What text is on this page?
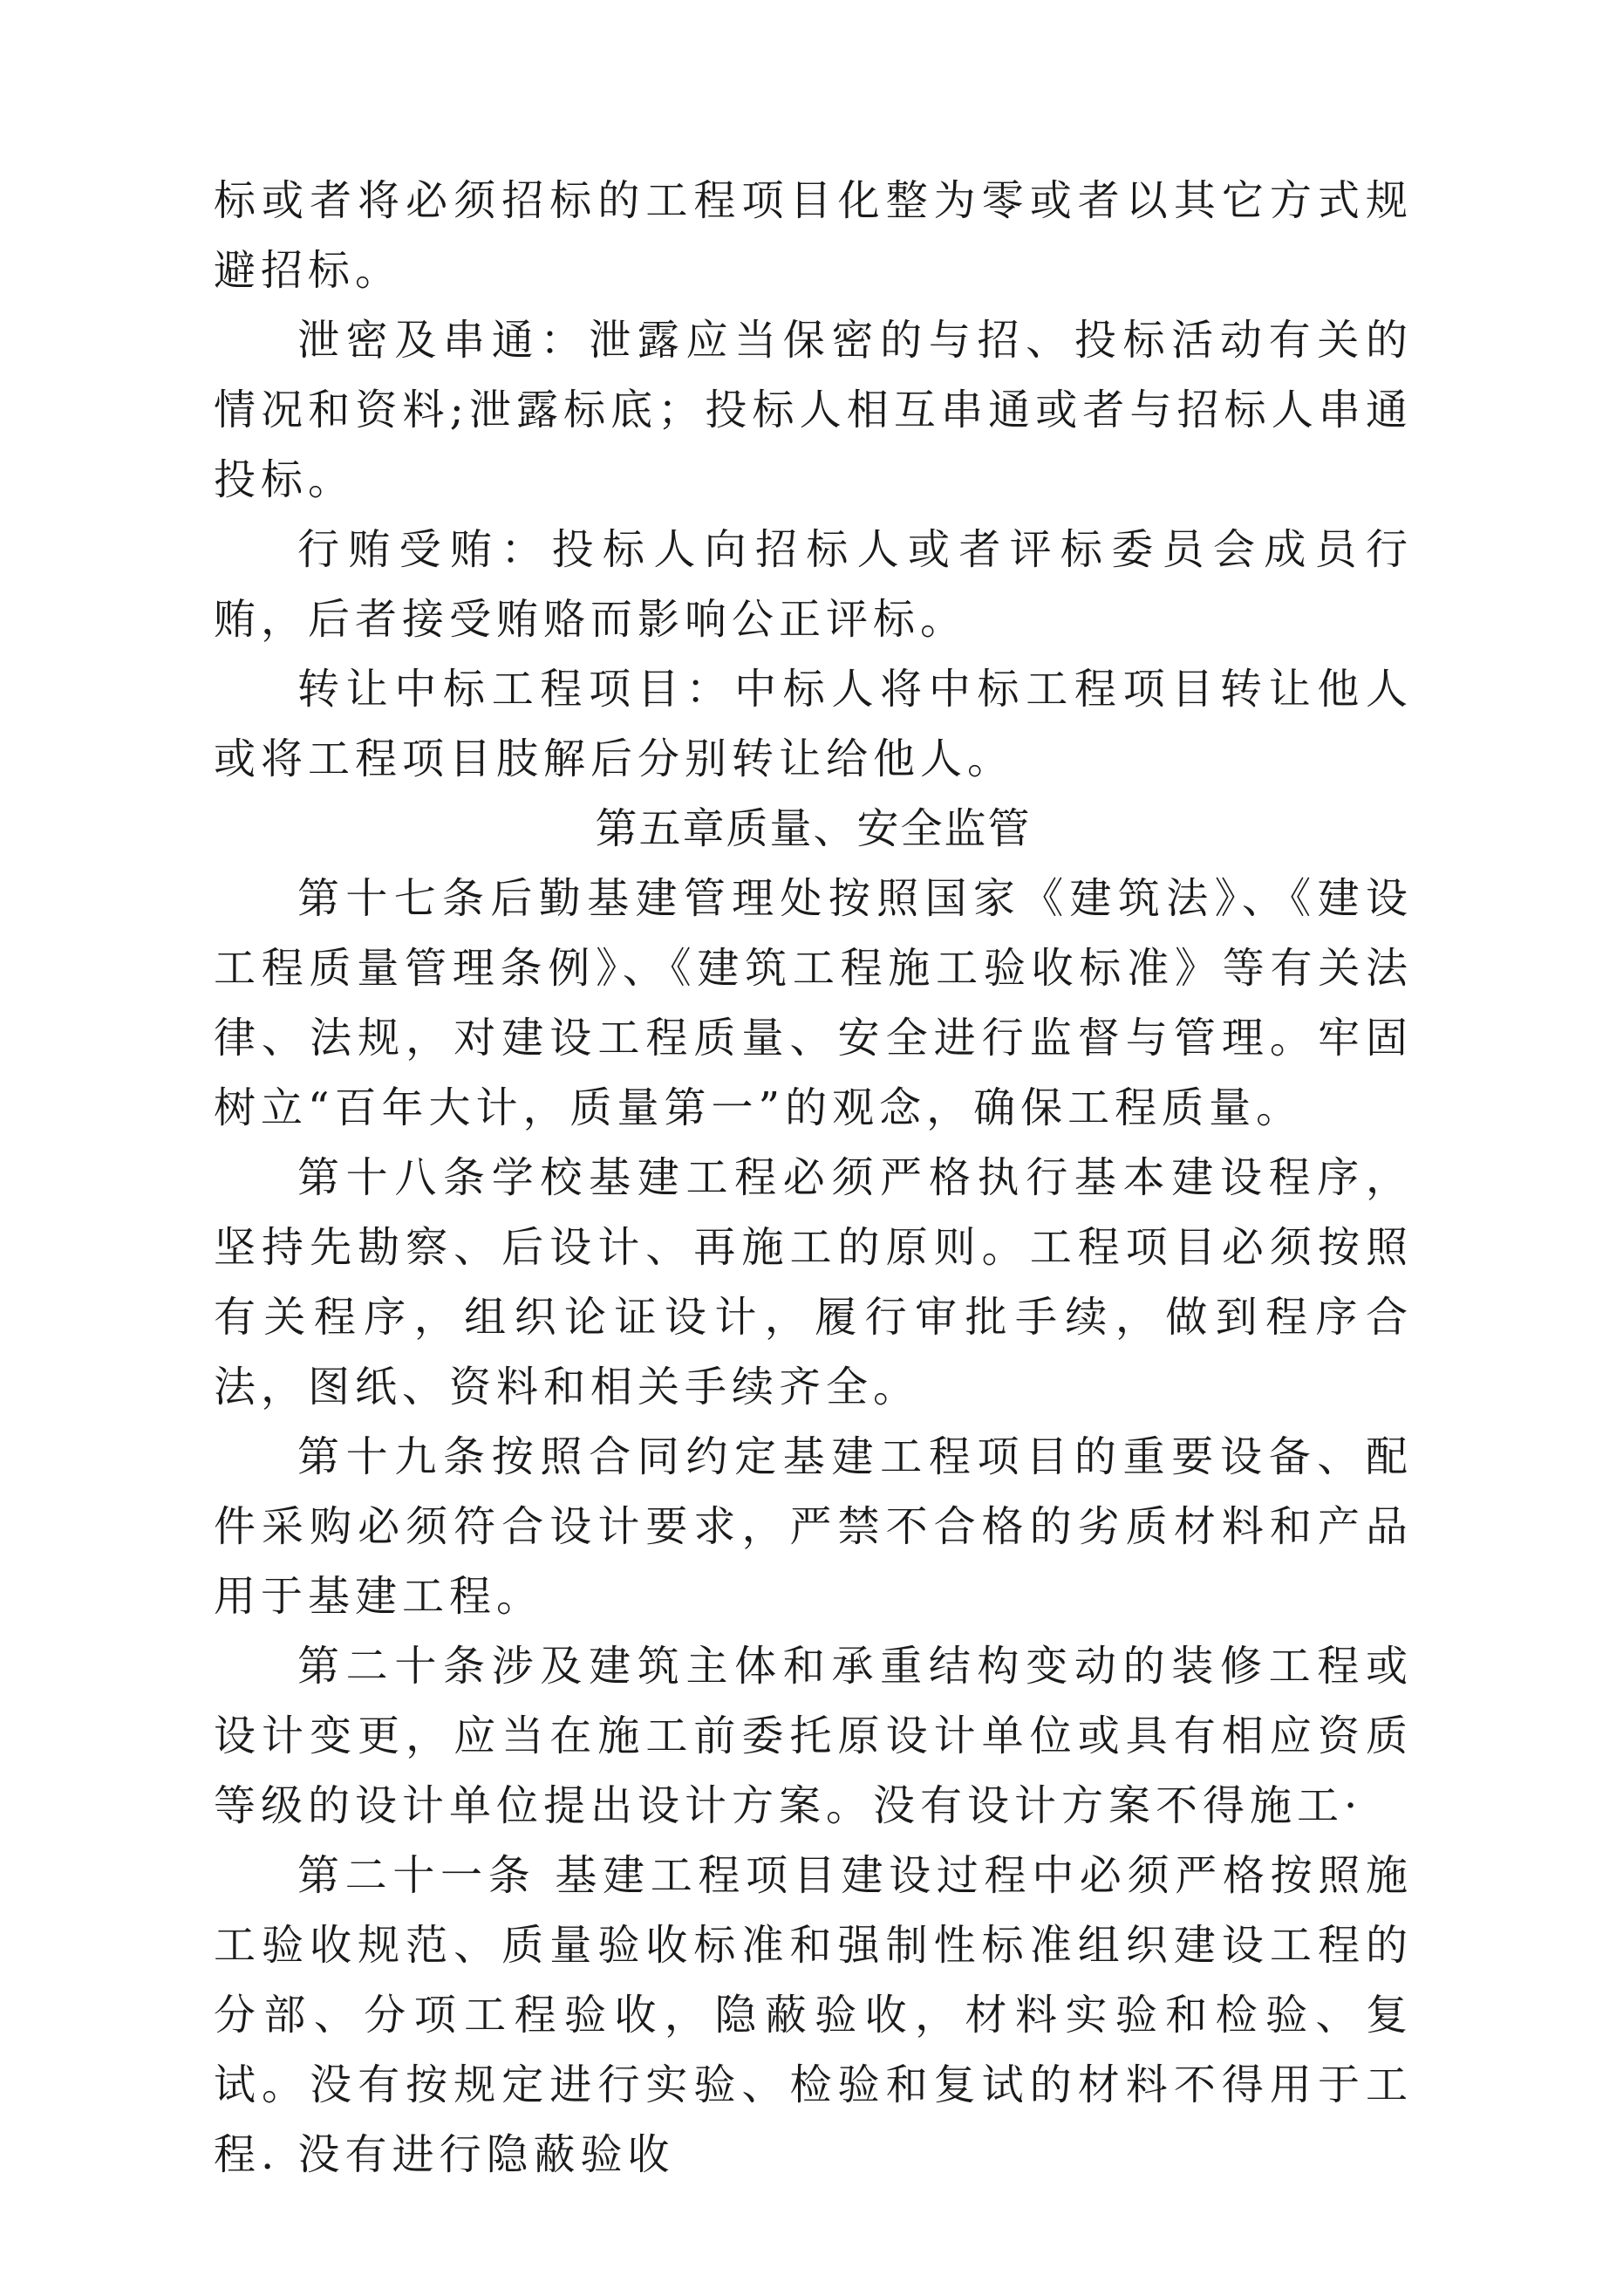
标或者将必须招标的工程项目化整为零或者以其它方式规避招标。

泄密及串通：泄露应当保密的与招、投标活动有关的情况和资料;泄露标底；投标人相互串通或者与招标人串通投标。

行贿受贿：投标人向招标人或者评标委员会成员行贿，后者接受贿赂而影响公正评标。

转让中标工程项目：中标人将中标工程项目转让他人或将工程项目肢解后分别转让给他人。

第五章质量、安全监管

第十七条后勤基建管理处按照国家《建筑法》、《建设工程质量管理条例》、《建筑工程施工验收标准》等有关法律、法规，对建设工程质量、安全进行监督与管理。牢固树立“百年大计，质量第一”的观念，确保工程质量。

第十八条学校基建工程必须严格执行基本建设程序，坚持先勘察、后设计、再施工的原则。工程项目必须按照有关程序，组织论证设计，履行审批手续，做到程序合法，图纸、资料和相关手续齐全。

第十九条按照合同约定基建工程项目的重要设备、配件采购必须符合设计要求，严禁不合格的劣质材料和产品用于基建工程。

第二十条涉及建筑主体和承重结构变动的装修工程或设计变更，应当在施工前委托原设计单位或具有相应资质等级的设计单位提出设计方案。没有设计方案不得施工·

第二十一条 基建工程项目建设过程中必须严格按照施工验收规范、质量验收标准和强制性标准组织建设工程的分部、分项工程验收，隐蔽验收，材料实验和检验、复试。没有按规定进行实验、检验和复试的材料不得用于工程. 没有进行隐蔽验收
